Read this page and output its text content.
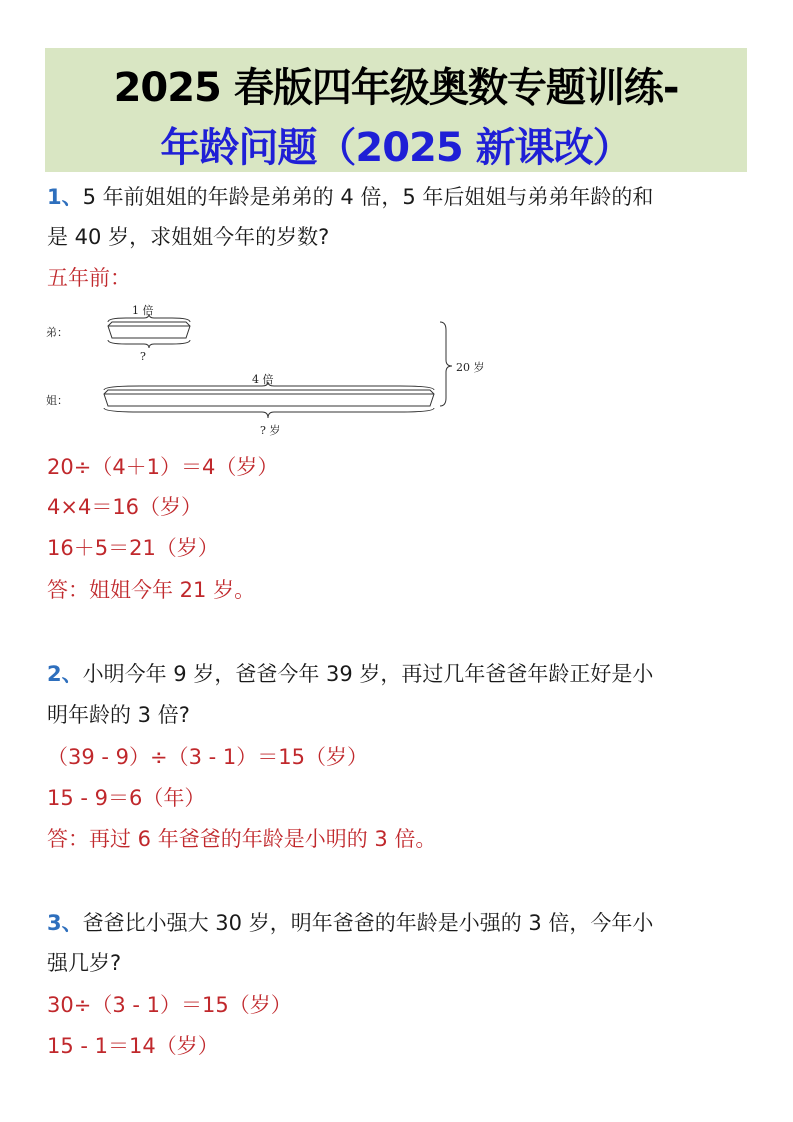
2025 春版四年级奥数专题训练-
年龄问题（2025 新课改）
1、5 年前姐姐的年龄是弟弟的 4 倍，5 年后姐姐与弟弟年龄的和
是 40 岁，求姐姐今年的岁数?
五年前：
弟：
姐：
1 倍
?
4 倍
? 岁
20 岁
20÷（4＋1）＝4（岁）
4×4＝16（岁）
16＋5＝21（岁）
答：姐姐今年 21 岁。
2、小明今年 9 岁，爸爸今年 39 岁，再过几年爸爸年龄正好是小
明年龄的 3 倍?
（39 - 9）÷（3 - 1）＝15（岁）
15 - 9＝6（年）
答：再过 6 年爸爸的年龄是小明的 3 倍。
3、爸爸比小强大 30 岁，明年爸爸的年龄是小强的 3 倍，今年小
强几岁?
30÷（3 - 1）＝15（岁）
15 - 1＝14（岁）
